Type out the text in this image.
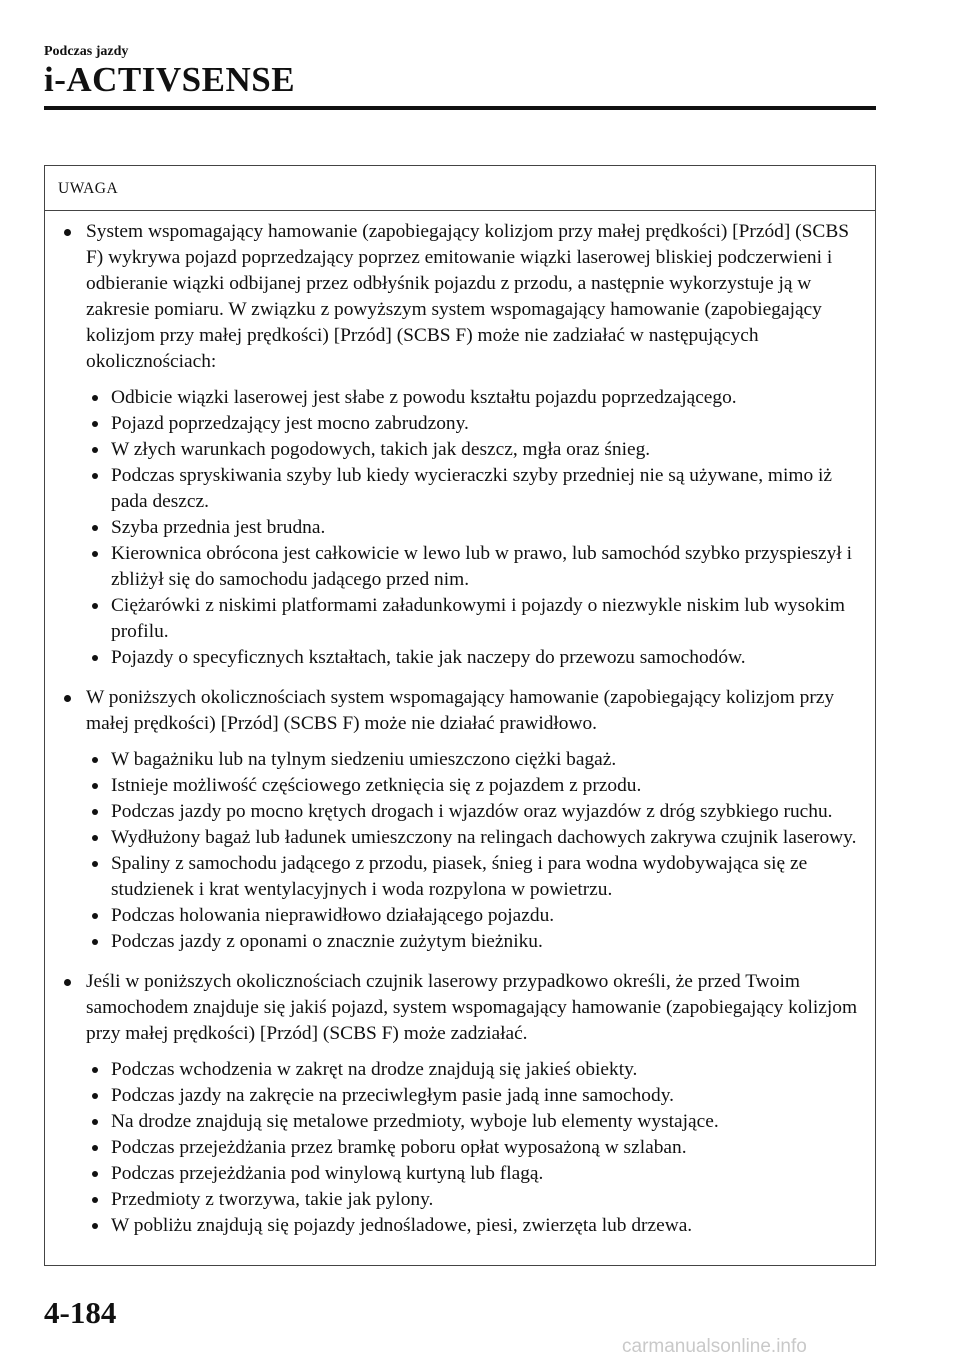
Podczas jazdy
i-ACTIVSENSE
UWAGA
System wspomagający hamowanie (zapobiegający kolizjom przy małej prędkości) [Przód] (SCBS F) wykrywa pojazd poprzedzający poprzez emitowanie wiązki laserowej bliskiej podczerwieni i odbieranie wiązki odbijanej przez odbłyśnik pojazdu z przodu, a następnie wykorzystuje ją w zakresie pomiaru. W związku z powyższym system wspomagający hamowanie (zapobiegający kolizjom przy małej prędkości) [Przód] (SCBS F) może nie zadziałać w następujących okolicznościach:
Odbicie wiązki laserowej jest słabe z powodu kształtu pojazdu poprzedzającego.
Pojazd poprzedzający jest mocno zabrudzony.
W złych warunkach pogodowych, takich jak deszcz, mgła oraz śnieg.
Podczas spryskiwania szyby lub kiedy wycieraczki szyby przedniej nie są używane, mimo iż pada deszcz.
Szyba przednia jest brudna.
Kierownica obrócona jest całkowicie w lewo lub w prawo, lub samochód szybko przyspieszył i zbliżył się do samochodu jadącego przed nim.
Ciężarówki z niskimi platformami załadunkowymi i pojazdy o niezwykle niskim lub wysokim profilu.
Pojazdy o specyficznych kształtach, takie jak naczepy do przewozu samochodów.
W poniższych okolicznościach system wspomagający hamowanie (zapobiegający kolizjom przy małej prędkości) [Przód] (SCBS F) może nie działać prawidłowo.
W bagażniku lub na tylnym siedzeniu umieszczono ciężki bagaż.
Istnieje możliwość częściowego zetknięcia się z pojazdem z przodu.
Podczas jazdy po mocno krętych drogach i wjazdów oraz wyjazdów z dróg szybkiego ruchu.
Wydłużony bagaż lub ładunek umieszczony na relingach dachowych zakrywa czujnik laserowy.
Spaliny z samochodu jadącego z przodu, piasek, śnieg i para wodna wydobywająca się ze studzienek i krat wentylacyjnych i woda rozpylona w powietrzu.
Podczas holowania nieprawidłowo działającego pojazdu.
Podczas jazdy z oponami o znacznie zużytym bieżniku.
Jeśli w poniższych okolicznościach czujnik laserowy przypadkowo określi, że przed Twoim samochodem znajduje się jakiś pojazd, system wspomagający hamowanie (zapobiegający kolizjom przy małej prędkości) [Przód] (SCBS F) może zadziałać.
Podczas wchodzenia w zakręt na drodze znajdują się jakieś obiekty.
Podczas jazdy na zakręcie na przeciwległym pasie jadą inne samochody.
Na drodze znajdują się metalowe przedmioty, wyboje lub elementy wystające.
Podczas przejeżdżania przez bramkę poboru opłat wyposażoną w szlaban.
Podczas przejeżdżania pod winylową kurtyną lub flagą.
Przedmioty z tworzywa, takie jak pylony.
W pobliżu znajdują się pojazdy jednośladowe, piesi, zwierzęta lub drzewa.
4-184
carmanualsonline.info
